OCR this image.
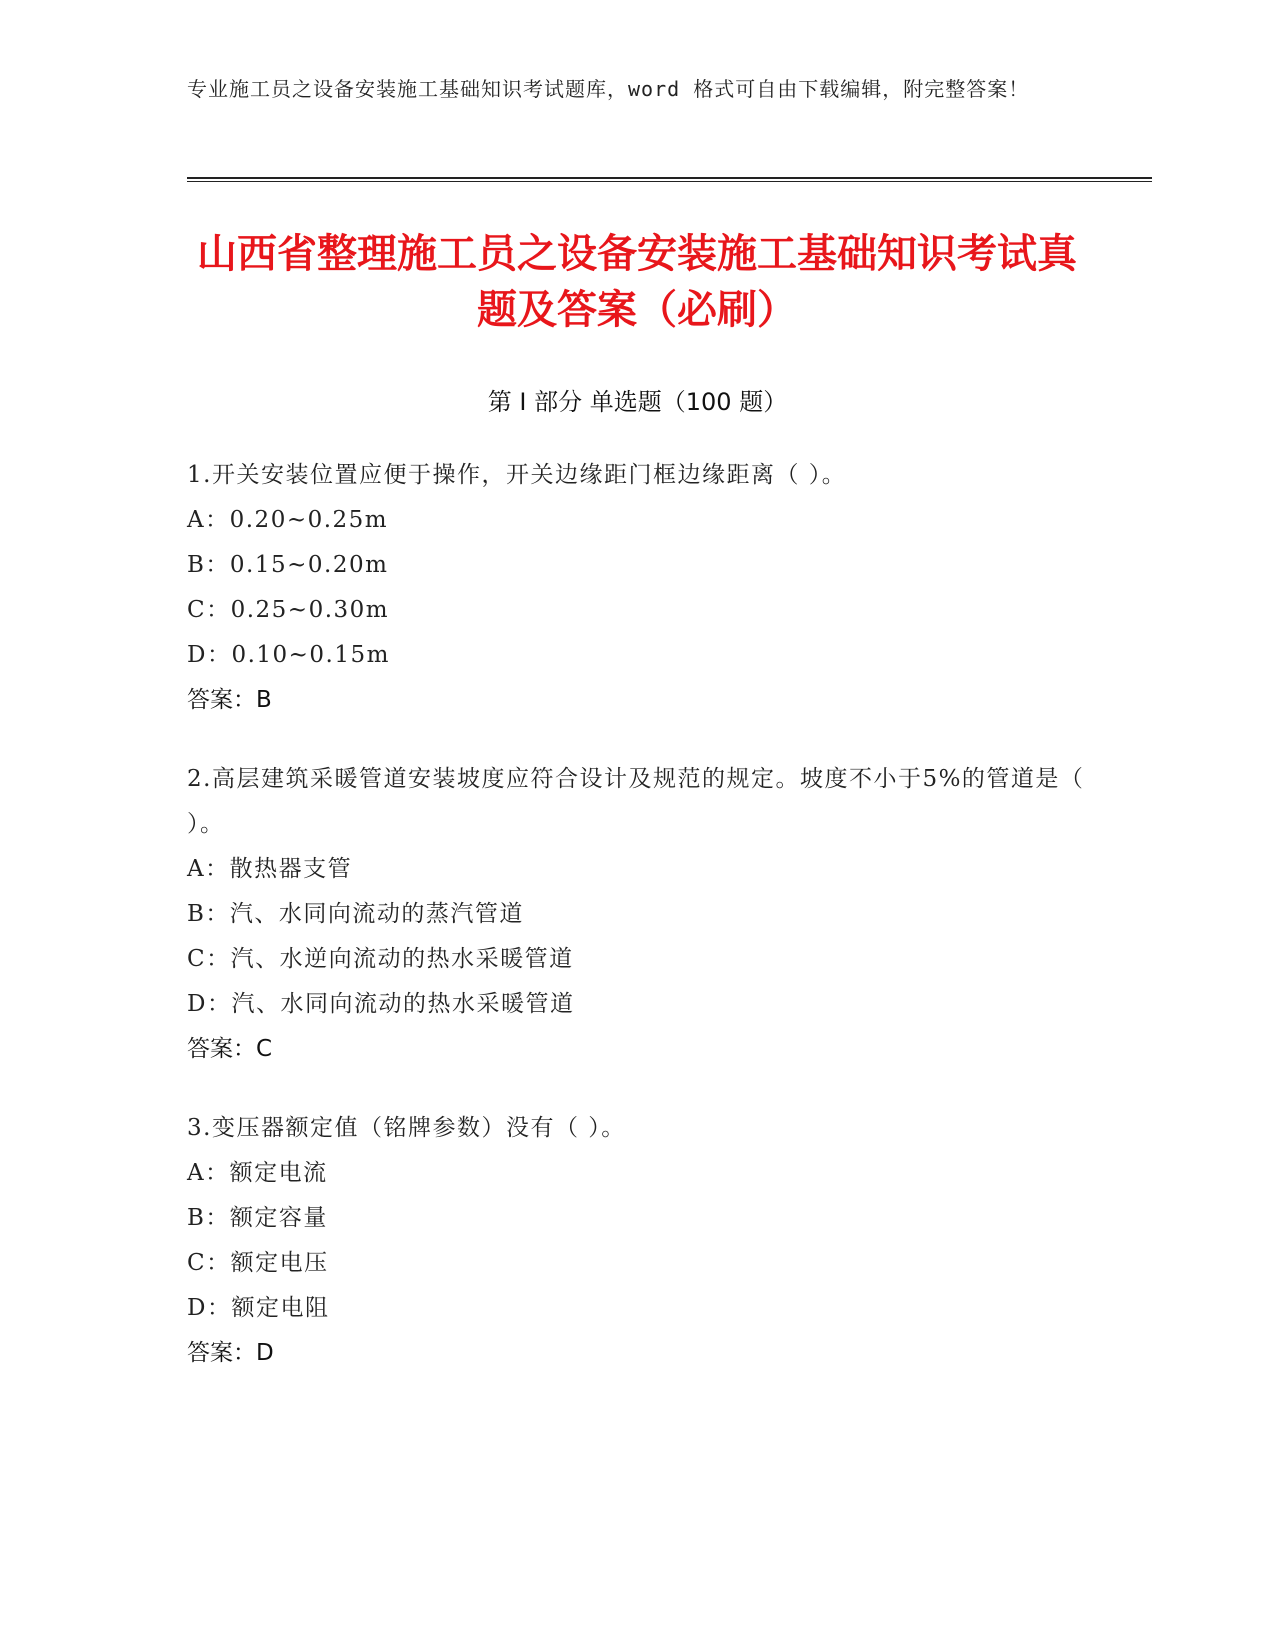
专业施工员之设备安装施工基础知识考试题库，word 格式可自由下载编辑，附完整答案！
山西省整理施工员之设备安装施工基础知识考试真题及答案（必刷）
第 I 部分 单选题（100 题）
1.开关安装位置应便于操作，开关边缘距门框边缘距离（ ）。
A：0.20~0.25m
B：0.15~0.20m
C：0.25~0.30m
D：0.10~0.15m
答案：B
2.高层建筑采暖管道安装坡度应符合设计及规范的规定。坡度不小于5%的管道是（ ）。
A：散热器支管
B：汽、水同向流动的蒸汽管道
C：汽、水逆向流动的热水采暖管道
D：汽、水同向流动的热水采暖管道
答案：C
3.变压器额定值（铭牌参数）没有（ ）。
A：额定电流
B：额定容量
C：额定电压
D：额定电阻
答案：D
